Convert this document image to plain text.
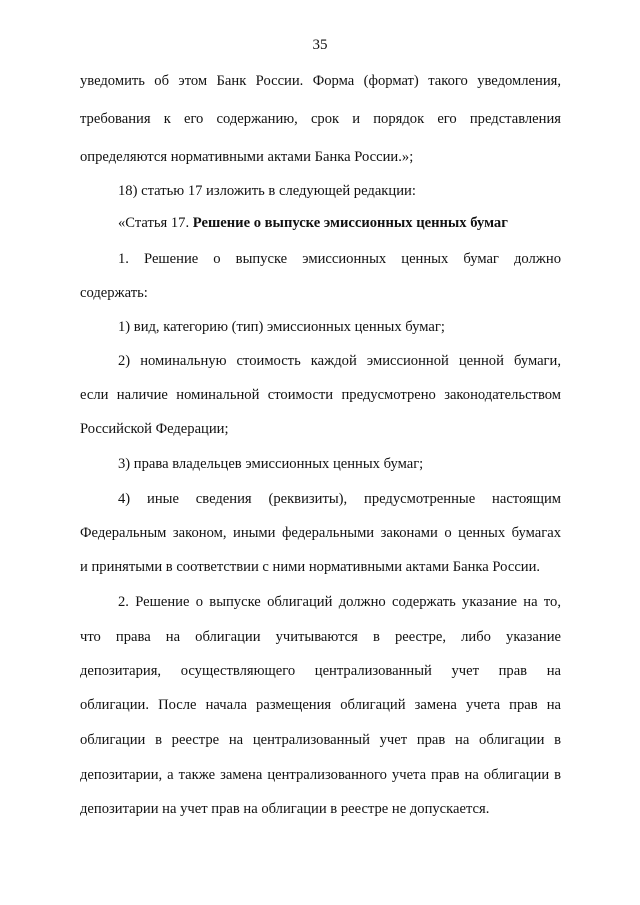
35
уведомить об этом Банк России. Форма (формат) такого уведомления,
требования к его содержанию, срок и порядок его представления
определяются нормативными актами Банка России.»;
18) статью 17 изложить в следующей редакции:
«Статья 17. Решение о выпуске эмиссионных ценных бумаг
1. Решение о выпуске эмиссионных ценных бумаг должно
содержать:
1) вид, категорию (тип) эмиссионных ценных бумаг;
2) номинальную стоимость каждой эмиссионной ценной бумаги,
если наличие номинальной стоимости предусмотрено законодательством
Российской Федерации;
3) права владельцев эмиссионных ценных бумаг;
4) иные сведения (реквизиты), предусмотренные настоящим
Федеральным законом, иными федеральными законами о ценных бумагах
и принятыми в соответствии с ними нормативными актами Банка России.
2. Решение о выпуске облигаций должно содержать указание на то,
что права на облигации учитываются в реестре, либо указание
депозитария, осуществляющего централизованный учет прав на
облигации. После начала размещения облигаций замена учета прав на
облигации в реестре на централизованный учет прав на облигации в
депозитарии, а также замена централизованного учета прав на облигации в
депозитарии на учет прав на облигации в реестре не допускается.
